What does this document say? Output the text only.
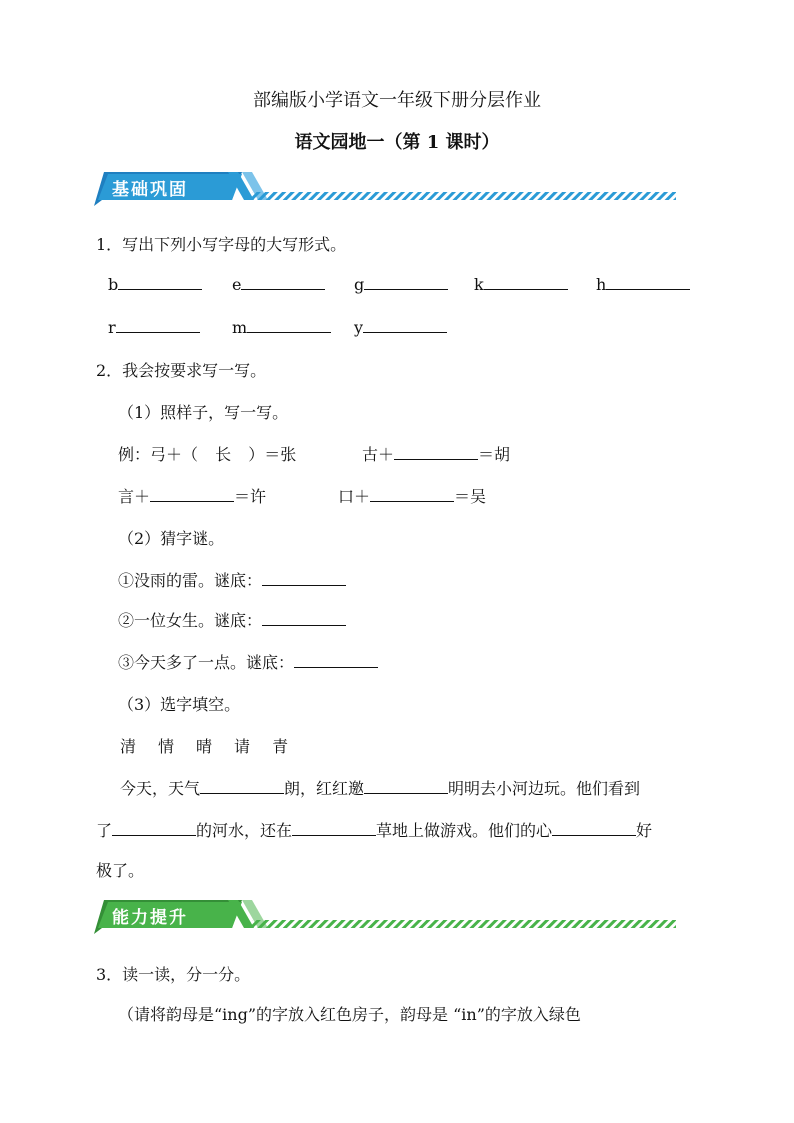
部编版小学语文一年级下册分层作业
语文园地一（第 1 课时）
基础巩固
1．写出下列小写字母的大写形式。
b	e	g	k	h
r	m	y
2．我会按要求写一写。
（1）照样子，写一写。
例：弓＋（ 长 ）＝张	古＋	＝胡
言＋	＝许	口＋	＝吴
（2）猜字谜。
①没雨的雷。谜底：
②一位女生。谜底：
③今天多了一点。谜底：
（3）选字填空。
清 情 晴 请 青
今天，天气	朗，红红邀	明明去小河边玩。他们看到
了	的河水，还在	草地上做游戏。他们的心	好
极了。
能力提升
3．读一读，分一分。
（请将韵母是“ing”的字放入红色房子，韵母是 “in”的字放入绿色
